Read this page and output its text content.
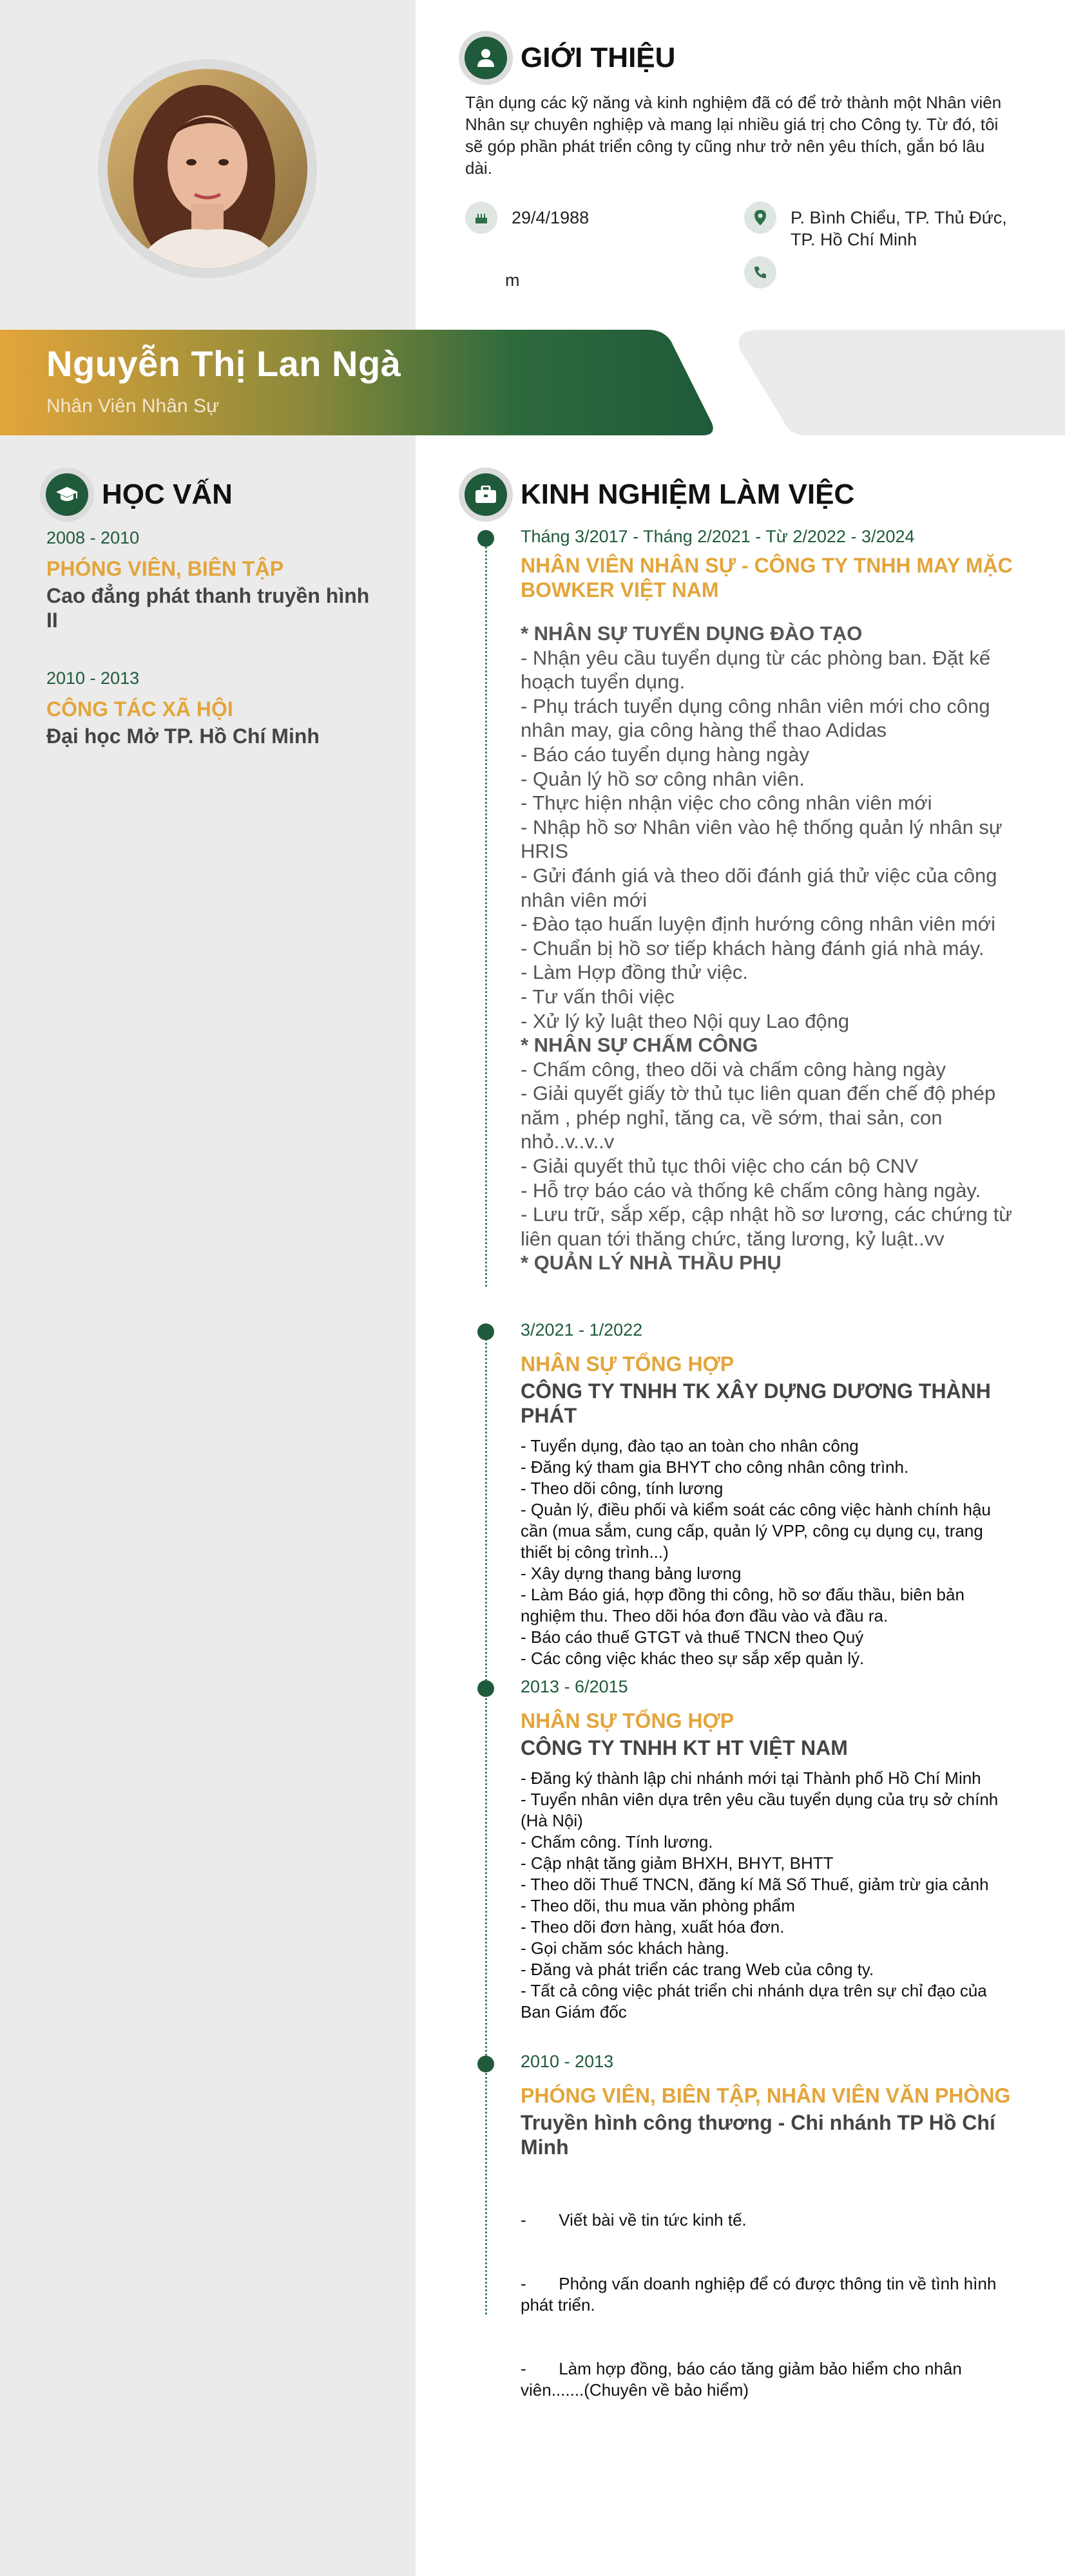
GIỚI THIỆU
Tận dụng các kỹ năng và kinh nghiệm đã có để trở thành một Nhân viên Nhân sự chuyên nghiệp và mang lại nhiều giá trị cho Công ty. Từ đó, tôi sẽ góp phần phát triển công ty cũng như trở nên yêu thích, gắn bó lâu dài.
29/4/1988	P. Bình Chiểu, TP. Thủ Đức, TP. Hồ Chí Minh
m
Nguyễn Thị Lan Ngà
Nhân Viên Nhân Sự
HỌC VẤN
2008 - 2010
PHÓNG VIÊN, BIÊN TẬP
Cao đẳng phát thanh truyền hình II
2010 - 2013
CÔNG TÁC XÃ HỘI
Đại học Mở TP. Hồ Chí Minh
KINH NGHIỆM LÀM VIỆC
Tháng 3/2017 - Tháng 2/2021 - Từ 2/2022 - 3/2024
NHÂN VIÊN NHÂN SỰ - CÔNG TY TNHH MAY MẶC BOWKER VIỆT NAM
* NHÂN SỰ TUYỂN DỤNG ĐÀO TẠO
- Nhận yêu cầu tuyển dụng từ các phòng ban. Đặt kế hoạch tuyển dụng.
- Phụ trách tuyển dụng công nhân viên mới cho công nhân may, gia công hàng thể thao Adidas
- Báo cáo tuyển dụng hàng ngày
- Quản lý hồ sơ công nhân viên.
- Thực hiện nhận việc cho công nhân viên mới
- Nhập hồ sơ Nhân viên vào hệ thống quản lý nhân sự HRIS
- Gửi đánh giá và theo dõi đánh giá thử việc của công nhân viên mới
- Đào tạo huấn luyện định hướng công nhân viên mới
- Chuẩn bị hồ sơ tiếp khách hàng đánh giá nhà máy.
- Làm Hợp đồng thử việc.
- Tư vấn thôi việc
- Xử lý kỷ luật theo Nội quy Lao động
* NHÂN SỰ CHẤM CÔNG
- Chấm công, theo dõi và chấm công hàng ngày
- Giải quyết giấy tờ thủ tục liên quan đến chế độ phép năm , phép nghỉ, tăng ca, về sớm, thai sản, con nhỏ..v..v..v
- Giải quyết thủ tục thôi việc cho cán bộ CNV
- Hỗ trợ báo cáo và thống kê chấm công hàng ngày.
- Lưu trữ, sắp xếp, cập nhật hồ sơ lương, các chứng từ liên quan tới thăng chức, tăng lương, kỷ luật..vv
* QUẢN LÝ NHÀ THẦU PHỤ
3/2021 - 1/2022
NHÂN SỰ TỔNG HỢP
CÔNG TY TNHH TK XÂY DỰNG DƯƠNG THÀNH PHÁT
- Tuyển dụng, đào tạo an toàn cho nhân công
- Đăng ký tham gia BHYT cho công nhân công trình.
- Theo dõi công, tính lương
- Quản lý, điều phối và kiểm soát các công việc hành chính hậu cần (mua sắm, cung cấp, quản lý VPP, công cụ dụng cụ, trang thiết bị công trình...)
- Xây dựng thang bảng lương
- Làm Báo giá, hợp đồng thi công, hồ sơ đấu thầu, biên bản nghiệm thu. Theo dõi hóa đơn đầu vào và đầu ra.
- Báo cáo thuế GTGT và thuế TNCN theo Quý
- Các công việc khác theo sự sắp xếp quản lý.
2013 - 6/2015
NHÂN SỰ TỔNG HỢP
CÔNG TY TNHH KT HT VIỆT NAM
- Đăng ký thành lập chi nhánh mới tại Thành phố Hồ Chí Minh
- Tuyển nhân viên dựa trên yêu cầu tuyển dụng của trụ sở chính (Hà Nội)
- Chấm công. Tính lương.
- Cập nhật tăng giảm BHXH, BHYT, BHTT
- Theo dõi Thuế TNCN, đăng kí Mã Số Thuế, giảm trừ gia cảnh
- Theo dõi, thu mua văn phòng phẩm
- Theo dõi đơn hàng, xuất hóa đơn.
- Gọi chăm sóc khách hàng.
- Đăng và phát triển các trang Web của công ty.
- Tất cả công việc phát triển chi nhánh dựa trên sự chỉ đạo của Ban Giám đốc
2010 - 2013
PHÓNG VIÊN, BIÊN TẬP, NHÂN VIÊN VĂN PHÒNG
Truyền hình công thương - Chi nhánh TP Hồ Chí Minh

-       Viết bài về tin tức kinh tế.

-       Phỏng vấn doanh nghiệp để có được thông tin về tình hình phát triển.

-       Làm hợp đồng, báo cáo tăng giảm bảo hiểm cho nhân viên.......(Chuyên về bảo hiểm)
